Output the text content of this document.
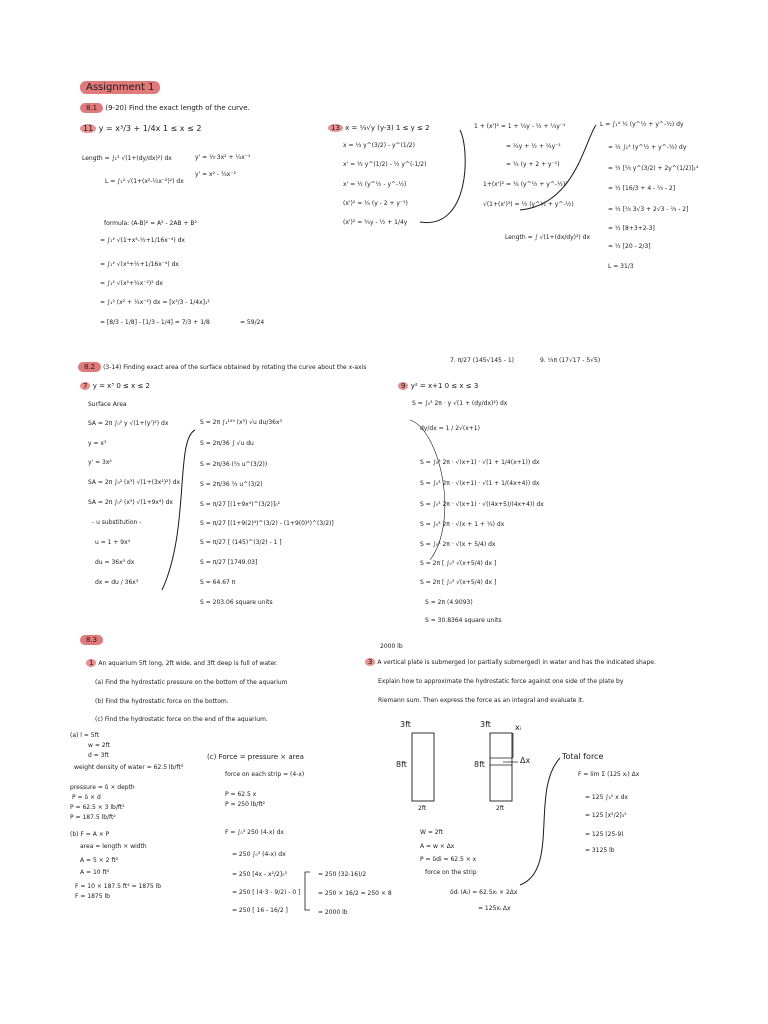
Assignment 1
8.1 (9-20) Find the exact length of the curve.
11 y = x³/3 + 1/4x 1 ≤ x ≤ 2
Length = ∫₁² √(1+(dy/dx)²) dx
L = ∫₁² √(1+(x²-¼x⁻²)²) dx
y' = ⅓·3x² + ¼x⁻¹
y' = x² - ¼x⁻²
formula: (A-B)² = A² - 2AB + B²
= ∫₁² √(1+x⁴-½+1/16x⁻⁴) dx
= ∫₁² √(x⁴+½+1/16x⁻⁴) dx
= ∫₁² √(x²+¼x⁻²)² dx
= ∫₁² (x² + ¼x⁻²) dx = [x³/3 - 1/4x]₁²
= [8/3 - 1/8] - [1/3 - 1/4] = 7/3 + 1/8	= 59/24
13 x = ⅓√y (y-3) 1 ≤ y ≤ 2
x = ⅓ y^(3/2) - y^(1/2)
x' = ½ y^(1/2) - ½ y^(-1/2)
x' = ½ (y^½ - y^-½)
(x')² = ¼ (y - 2 + y⁻¹)
(x')² = ¼y - ½ + 1/4y
1 + (x')² = 1 + ¼y - ½ + ¼y⁻¹
= ¼y + ½ + ¼y⁻¹
= ¼ (y + 2 + y⁻¹)
1+(x')² = ¼ (y^½ + y^-½)²
√(1+(x')²) = ½ (y^½ + y^-½)
Length = ∫ √(1+(dx/dy)²) dx
L = ∫₁⁴ ½ (y^½ + y^-½) dy
= ½ ∫₁⁴ (y^½ + y^-½) dy
= ½ [⅔ y^(3/2) + 2y^(1/2)]₁⁴
= ½ [16/3 + 4 - ⅔ - 2]
= ½ [⅔ 3√3 + 2√3 - ⅔ - 2]
= ½ [8+3+2-3]
= ½ [20 - 2/3]
L = 31/3
8.2 (3-14) Finding exact area of the surface obtained by rotating the curve about the x-axis
7. π/27 (145√145 - 1)	9. ⅓π (17√17 - 5√5)
7 y = x³ 0 ≤ x ≤ 2
Surface Area
SA = 2π ∫₀² y √(1+(y')²) dx
y = x³
y' = 3x²
SA = 2π ∫₀² (x³) √(1+(3x²)²) dx
SA = 2π ∫₀² (x³) √(1+9x⁴) dx
- u substitution -
u = 1 + 9x⁴
du = 36x³ dx
dx = du / 36x³
S = 2π ∫₁¹⁴⁵ (x³) √u du/36x³
S = 2π/36 ∫ √u du
S = 2π/36 (⅔ u^(3/2))
S = 2π/36 ⅔ u^(3/2)
S = π/27 [(1+9x⁴)^(3/2)]₀²
S = π/27 [(1+9(2)⁴)^(3/2) - (1+9(0)⁴)^(3/2)]
S = π/27 [ (145)^(3/2) - 1 ]
S = π/27 [1749.03]
S = 64.67 π
S = 203.06 square units
9 y² = x+1 0 ≤ x ≤ 3
S = ∫₀³ 2π · y √(1 + (dy/dx)²) dx
dy/dx = 1 / 2√(x+1)
S = ∫₀³ 2π · √(x+1) · √(1 + 1/4(x+1)) dx
S = ∫₀³ 2π · √(x+1) · √(1 + 1/(4x+4)) dx
S = ∫₀³ 2π · √(x+1) · √((4x+5)/(4x+4)) dx
S = ∫₀³ 2π · √(x + 1 + ¼) dx
S = ∫₀³ 2π · √(x + 5/4) dx
S = 2π [ ∫₀³ √(x+5/4) dx ]
S = 2π [ ∫₀³ √(x+5/4) dx ]
S = 2π (4.9093)
S = 30.8364 square units
8.3
2000 lb
1 An aquarium 5ft long, 2ft wide, and 3ft deep is full of water.
(a) Find the hydrostatic pressure on the bottom of the aquarium
(b) Find the hydrostatic force on the bottom.
(c) Find the hydrostatic force on the end of the aquarium.
(a) l = 5ft
w = 2ft
d = 3ft
weight density of water = 62.5 lb/ft³
pressure = δ × depth
P = δ × d
P = 62.5 × 3 lb/ft²
P = 187.5 lb/ft²
(b) F = A × P
area = length × width
A = 5 × 2 ft²
A = 10 ft²
F = 10 × 187.5 ft² = 1875 lb
F = 1875 lb
(c) Force = pressure × area
force on each strip = (4-x)
P = 62.5 x
P = 250 lb/ft²
F = ∫₀³ 250 (4-x) dx
= 250 ∫₀³ (4-x) dx
= 250 [4x - x²/2]₀³
= 250 [ (4·3 - 9/2) - 0 ]
= 250 [ 16 - 16/2 ]
= 250 (32-16)/2
= 250 × 16/2 = 250 × 8
= 2000 lb
3 A vertical plate is submerged (or partially submerged) in water and has the indicated shape.
Explain how to approximate the hydrostatic force against one side of the plate by
Riemann sum. Then express the force as an integral and evaluate it.
3ft
8ft
2ft
3ft
8ft
2ft
xᵢ
Δx
W = 2ft
A = w × Δx
P = δdi = 62.5 × x
force on the strip
δdᵢ (Aᵢ) = 62.5xᵢ × 2Δx
= 125xᵢ Δx
Total force
F = lim Σ (125 xᵢ) Δx
= 125 ∫₃⁵ x dx
= 125 [x²/2]₃⁵
= 125 (25-9)
= 3125 lb
